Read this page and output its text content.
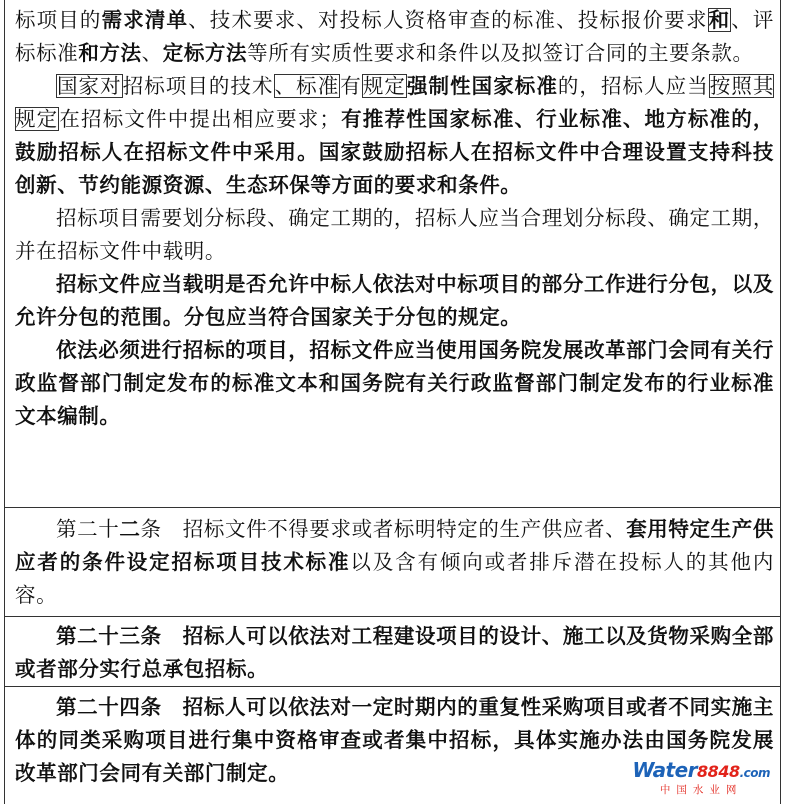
标项目的需求清单、技术要求、对投标人资格审查的标准、投标报价要求和、评标标准和方法、定标方法等所有实质性要求和条件以及拟签订合同的主要条款。

国家对招标项目的技术、标准有规定强制性国家标准的，招标人应当按照其规定在招标文件中提出相应要求；有推荐性国家标准、行业标准、地方标准的，鼓励招标人在招标文件中采用。国家鼓励招标人在招标文件中合理设置支持科技创新、节约能源资源、生态环保等方面的要求和条件。

招标项目需要划分标段、确定工期的，招标人应当合理划分标段、确定工期，并在招标文件中载明。

招标文件应当载明是否允许中标人依法对中标项目的部分工作进行分包，以及允许分包的范围。分包应当符合国家关于分包的规定。

依法必须进行招标的项目，招标文件应当使用国务院发展改革部门会同有关行政监督部门制定发布的标准文本和国务院有关行政监督部门制定发布的行业标准文本编制。

第二十二条　招标文件不得要求或者标明特定的生产供应者、套用特定生产供应者的条件设定招标项目技术标准以及含有倾向或者排斥潜在投标人的其他内容。

第二十三条　招标人可以依法对工程建设项目的设计、施工以及货物采购全部或者部分实行总承包招标。

第二十四条　招标人可以依法对一定时期内的重复性采购项目或者不同实施主体的同类采购项目进行集中资格审查或者集中招标，具体实施办法由国务院发展改革部门会同有关部门制定。	Water8848.com
中国水业网
